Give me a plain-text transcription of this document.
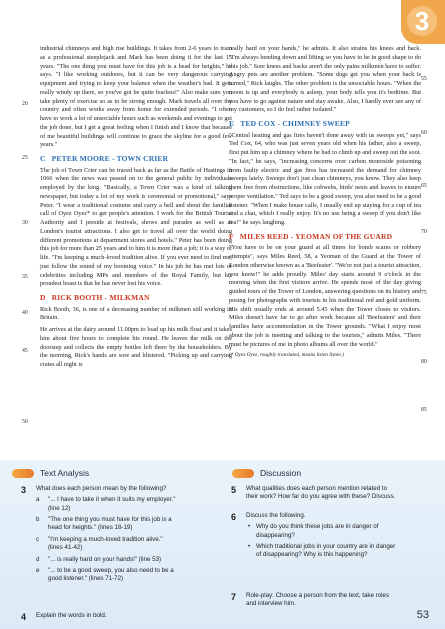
3

industrial chimneys and high rise buildings. It takes from 2-6 years to train as a professional steeplejack and Mark has been doing it for the last 15 years. "The one thing you must have for this job is a head for heights," he says. "I like working outdoors, but it can be very dangerous carrying equipment and trying to keep your balance when the weather's bad. It gets really windy up there, so you've got be quite fearless!" Also make sure you take plenty of exercise so as to be strong enough. Mark travels all over the country and often works away from home for extended periods. "I often have to work a lot of unsociable hours such as weekends and evenings to get the job done, but I get a great feeling when I finish and I know that because of me beautiful buildings will continue to grace the skyline for a good few years."

C PETER MOORE - TOWN CRIER

The job of Town Crier can be traced back as far as the Battle of Hastings in 1066 when the news was passed on to the general public by individuals employed by the king. "Basically, a Town Crier was a kind of talking newspaper, but today a lot of my work is ceremonial or promotional," says Peter. "I wear a traditional costume and carry a bell and shout the familiar call of Oyez Oyez* to get people's attention. I work for the British Tourist Authority and I preside at festivals, shows and parades as well as at London's tourist attractions. I also get to travel all over the world doing different promotions at department stores and hotels." Peter has been doing this job for more than 25 years and to him it is more than a job; it is a way of life. "I'm keeping a much-loved tradition alive. If you ever need to find me, just follow the sound of my booming voice." In his job he has met lots of celebrities including MPs and members of the Royal Family, but his proudest boast is that he has never lost his voice.

D RICK BOOTH - MILKMAN

Rick Booth, 36, is one of a decreasing number of milkmen still working in Britain.

He arrives at the dairy around 11.00pm to load up his milk float and it takes him about five hours to complete his round. He leaves the milk on the doorstep and collects the empty bottles left there by the householders. By the morning, Rick's hands are sore and blistered. "Picking up and carrying crates all night is

really hard on your hands," he admits. It also strains his knees and back. "I'm always bending down and lifting so you have to be in good shape to do this job." Sore knees and backs aren't the only pains milkmen have to suffer. Angry pets are another problem. "Some dogs get you when your back is turned," Rick laughs. The other problem is the unsociable hours. "When the moon is up and everybody is asleep, your body tells you it's bedtime. But you have to go against nature and stay awake. Also, I hardly ever see any of my customers, so I do feel rather isolated."

E TED COX - CHIMNEY SWEEP

"Central heating and gas fires haven't done away with us sweeps yet," says Ted Cox, 64, who was just seven years old when his father, also a sweep, first put him up a chimney where he had to climb up and sweep out the soot. "In fact," he says, "increasing concerns over carbon monoxide poisoning from faulty electric and gas fires has increased the demand for chimney sweeps lately. Sweeps don't just clean chimneys, you know. They also keep them free from obstructions, like cobwebs, birds' nests and leaves to ensure proper ventilation." Ted says to be a good sweep, you also need to be a good listener. "When I make house calls, I usually end up staying for a cup of tea and a chat, which I really enjoy. It's no use being a sweep if you don't like tea!" he says laughing.

F MILES REED - YEOMAN OF THE GUARD

"You have to be on your guard at all times for bomb scares or robbery attempts", says Miles Reed, 58, a Yeoman of the Guard at the Tower of London otherwise known as a 'Beefeater'. "We're not just a tourist attraction, you know!" he adds proudly. Miles' day starts around 9 o'clock in the morning when the first visitors arrive. He spends most of the day giving guided tours of the Tower of London, answering questions on its history and posing for photographs with tourists in his traditional red and gold uniform. His shift usually ends at around 5.45 when the Tower closes to visitors. Miles doesn't have far to go after work because all 'Beefeaters' and their families have accommodation in the Tower grounds. "What I enjoy most about the job is meeting and talking to the tourists," admits Miles. "There must be pictures of me in photo albums all over the world."

(* Oyez Oyez, roughly translated, means listen listen.)

20
25
30
35
40
45
50
55
60
65
70
75
80
85
Text Analysis	Discussion
3 What does each person mean by the following?
a "... I have to take it when it suits my employer."
(line 12)
b "The one thing you must have for this job is a
head for heights." (lines 18-19)
c "I'm keeping a much-loved tradition alive."
(lines 41-42)
d "... is really hard on your hands!" (line 53)
e "... to be a good sweep, you also need to be a
good listener." (lines 71-72)
4 Explain the words in bold.
5 What qualities does each person mention related to
their work? How far do you agree with these? Discuss.
6 Discuss the following.
• Why do you think these jobs are in danger of
disappearing?
• Which traditional jobs in your country are in danger
of disappearing? Why is this happening?
7 Role-play: Choose a person from the text, take roles
and interview him.
53
